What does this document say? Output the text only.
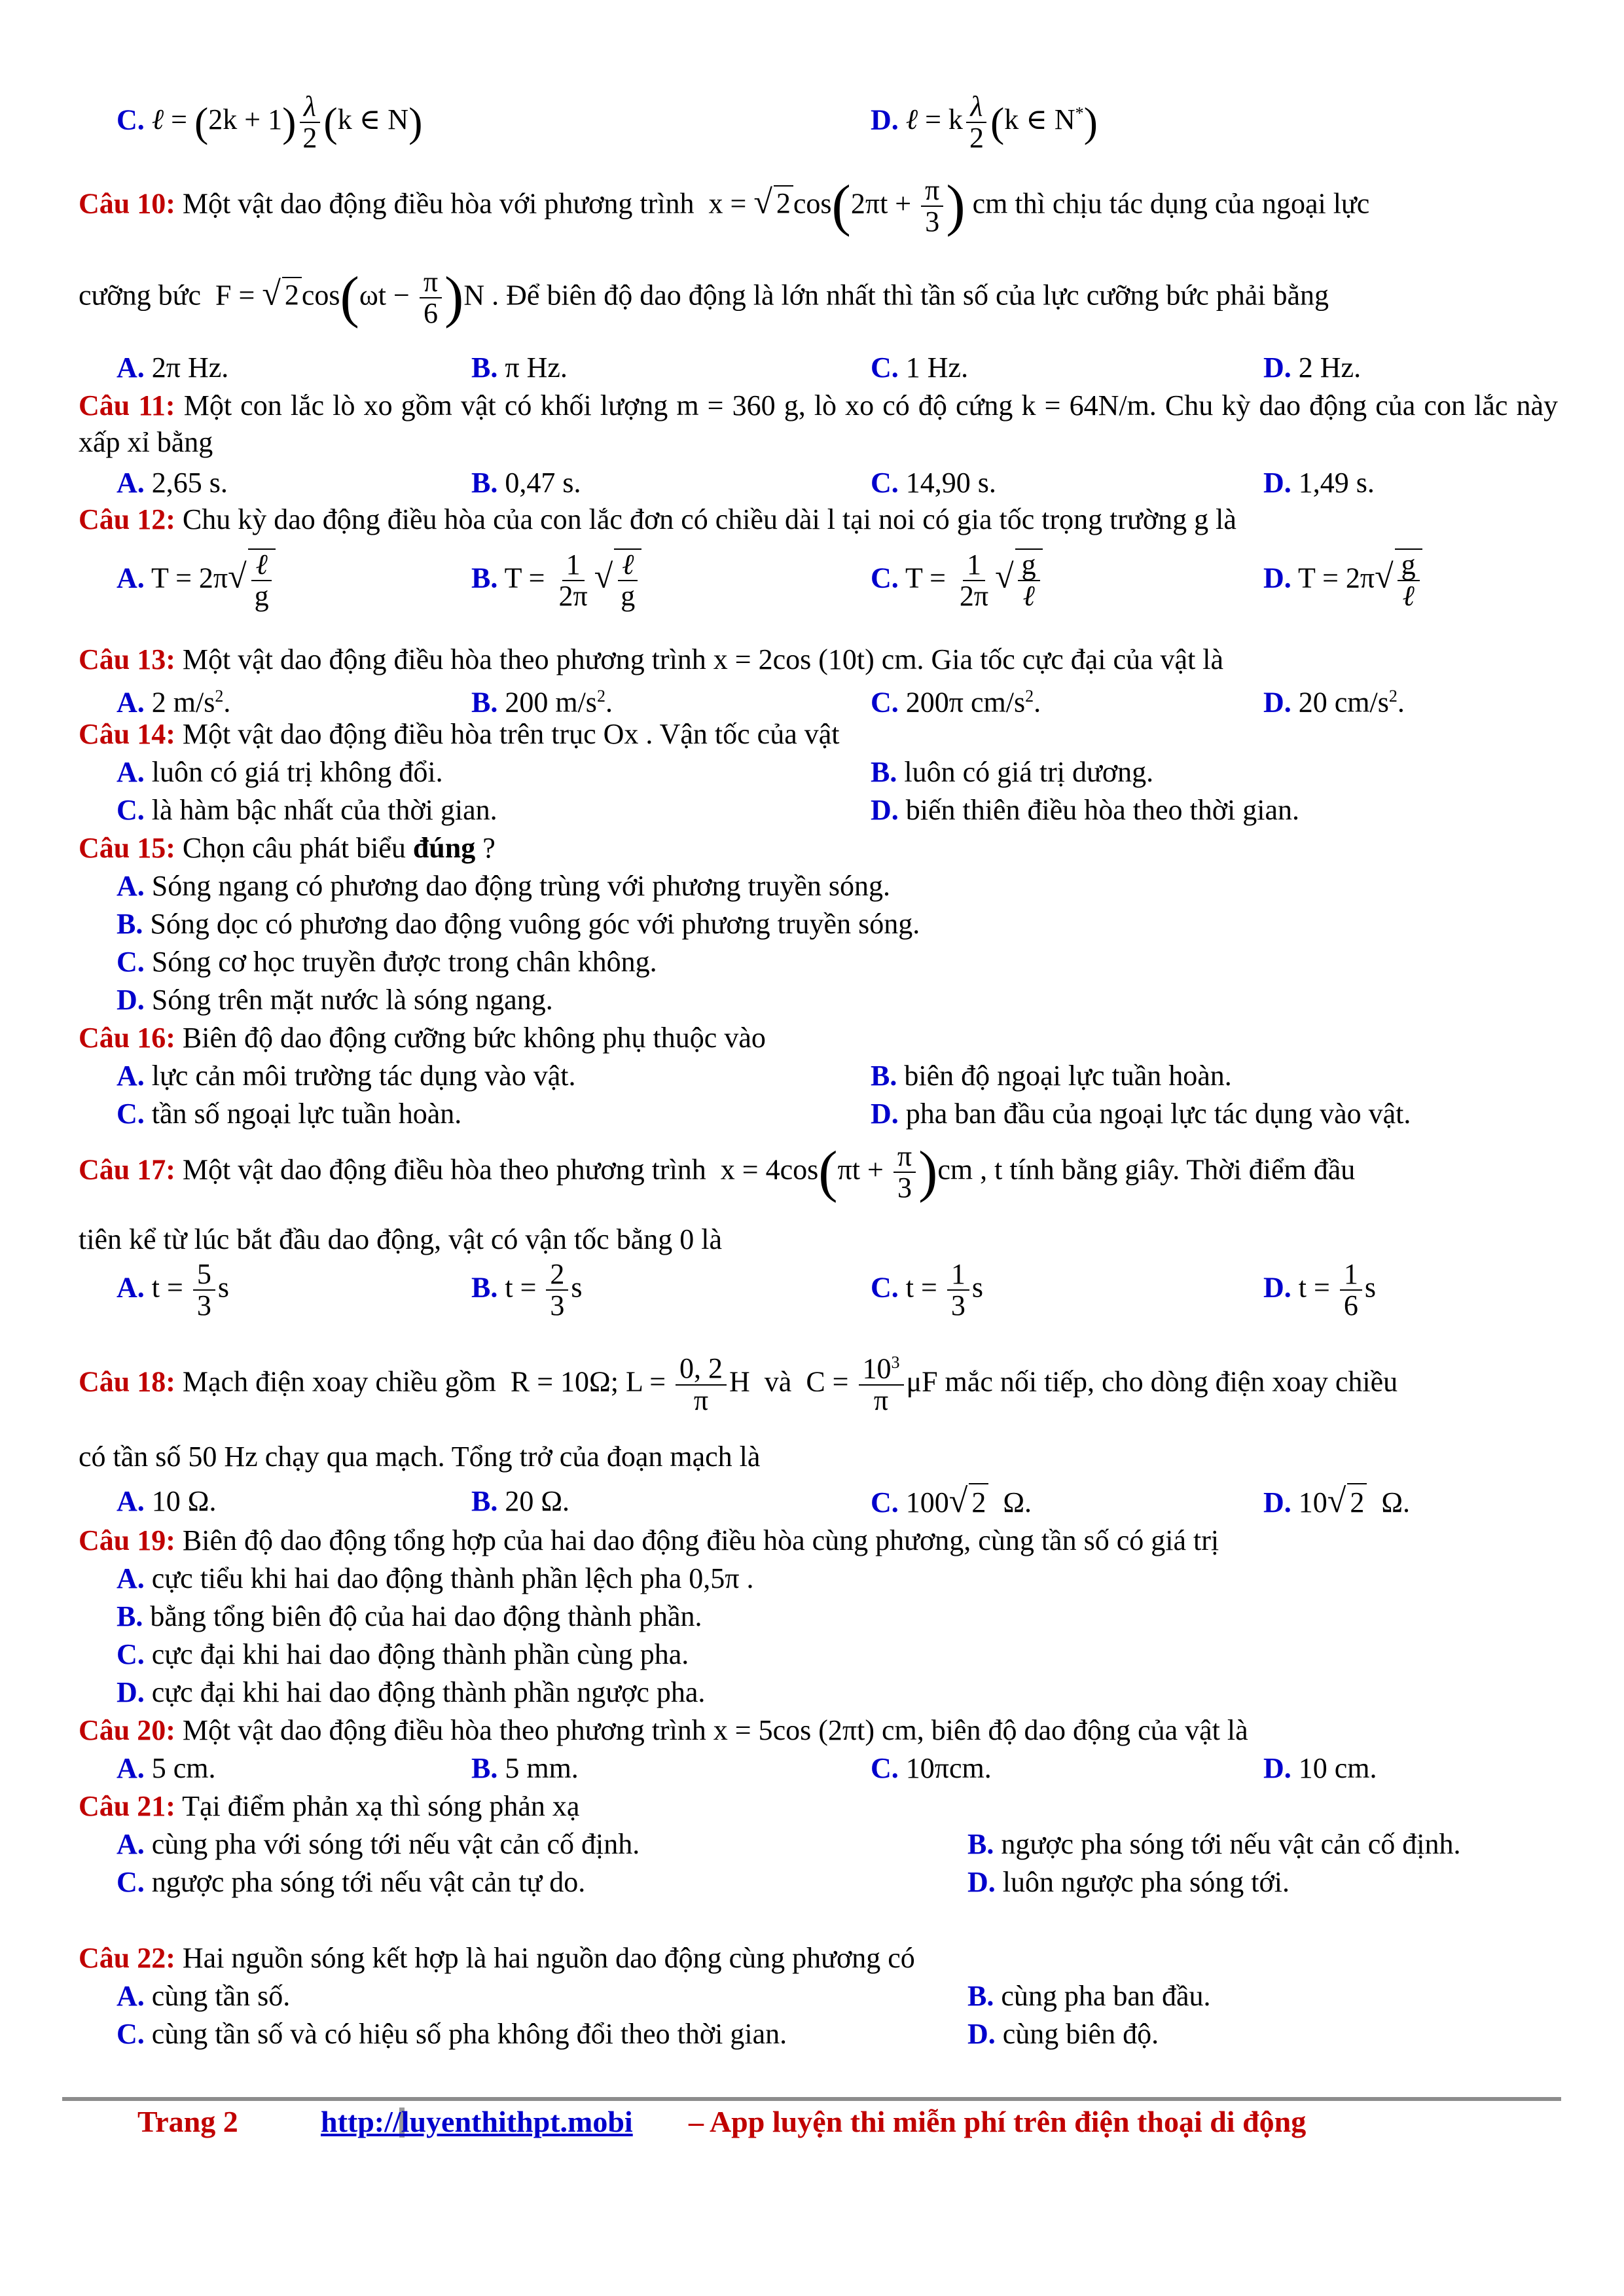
C. ℓ = $(2k + 1) \frac{\lambda}{2} (k$ ∈ N)	D. ℓ = k $\frac{\lambda}{2} (k$ ∈ N*)
Câu 10: Một vật dao động điều hòa với phương trình  x = √ $2\cos(2\pi t + \frac{\pi}{3}$ ) cm thì chịu tác dụng của ngoại lực
cưỡng bức  F = √ $2\cos(\omega t - \frac{\pi}{6} )N$ . Để biên độ dao động là lớn nhất thì tần số của lực cưỡng bức phải bằng
A. 2π Hz.	B. π Hz.	C. 1 Hz.	D. 2 Hz.
Câu 11: Một con lắc lò xo gồm vật có khối lượng m = 360 g, lò xo có độ cứng k = 64N/m. Chu kỳ dao động của con lắc này xấp xỉ bằng
A. 2,65 s.	B. 0,47 s.	C. 14,90 s.	D. 1,49 s.
Câu 12: Chu kỳ dao động điều hòa của con lắc đơn có chiều dài l tại noi có gia tốc trọng trường g là
A. $T = 2\pi√ \frac{\text{ℓ}}{g}$	B. $T = \frac{1}{2\pi}$ √ $\frac{\text{ℓ}}{g}$	C. $T = \frac{1}{2\pi}$ √ $\frac{g}{\text{ℓ}}$	D. $T = 2\pi√ \frac{g}{\text{ℓ}}$
Câu 13: Một vật dao động điều hòa theo phương trình x = 2cos (10t) cm. Gia tốc cực đại của vật là
A. 2 $m/s^2$.	B. 200 $m/s^2$.	C. 200π $cm/s^2$.	D. 20 $cm/s^2$.
Câu 14: Một vật dao động điều hòa trên trục Ox . Vận tốc của vật
A. luôn có giá trị không đổi.	B. luôn có giá trị dương.
C. là hàm bậc nhất của thời gian.	D. biến thiên điều hòa theo thời gian.
Câu 15: Chọn câu phát biểu đúng ?
A. Sóng ngang có phương dao động trùng với phương truyền sóng.
B. Sóng dọc có phương dao động vuông góc với phương truyền sóng.
C. Sóng cơ học truyền được trong chân không.
D. Sóng trên mặt nước là sóng ngang.
Câu 16: Biên độ dao động cưỡng bức không phụ thuộc vào
A. lực cản môi trường tác dụng vào vật.	B. biên độ ngoại lực tuần hoàn.
C. tần số ngoại lực tuần hoàn.	D. pha ban đầu của ngoại lực tác dụng vào vật.
Câu 17: Một vật dao động điều hòa theo phương trình  $x = 4\cos(\pi t + \frac{\pi}{3} )cm$ , t tính bằng giây. Thời điểm đầu
tiên kể từ lúc bắt đầu dao động, vật có vận tốc bằng 0 là
A. $t = \frac{5}{3}$ s	B. $t = \frac{2}{3}$ s	C. $t = \frac{1}{3}$ s	D. $t = \frac{1}{6}$ s
Câu 18: Mạch điện xoay chiều gồm  R = 10Ω; $L = \frac{0, 2}{\pi}$ H  và  $C = \frac{10^3}{\pi}$ μF mắc nối tiếp, cho dòng điện xoay chiều
có tần số 50 Hz chạy qua mạch. Tổng trở của đoạn mạch là
A. 10 Ω.	B. 20 Ω.	C. 100√ 2  Ω.	D. 10√ 2  Ω.
Câu 19: Biên độ dao động tổng hợp của hai dao động điều hòa cùng phương, cùng tần số có giá trị
A. cực tiểu khi hai dao động thành phần lệch pha 0,5π .
B. bằng tổng biên độ của hai dao động thành phần.
C. cực đại khi hai dao động thành phần cùng pha.
D. cực đại khi hai dao động thành phần ngược pha.
Câu 20: Một vật dao động điều hòa theo phương trình x = 5cos (2πt) cm, biên độ dao động của vật là
A. 5 cm.	B. 5 mm.	C. 10πcm.	D. 10 cm.
Câu 21: Tại điểm phản xạ thì sóng phản xạ
A. cùng pha với sóng tới nếu vật cản cố định.	B. ngược pha sóng tới nếu vật cản cố định.
C. ngược pha sóng tới nếu vật cản tự do.	D. luôn ngược pha sóng tới.
Câu 22: Hai nguồn sóng kết hợp là hai nguồn dao động cùng phương có
A. cùng tần số.	B. cùng pha ban đầu.
C. cùng tần số và có hiệu số pha không đổi theo thời gian.	D. cùng biên độ.
Trang 2	http://luyenthithpt.mobi – App luyện thi miễn phí trên điện thoại di động
